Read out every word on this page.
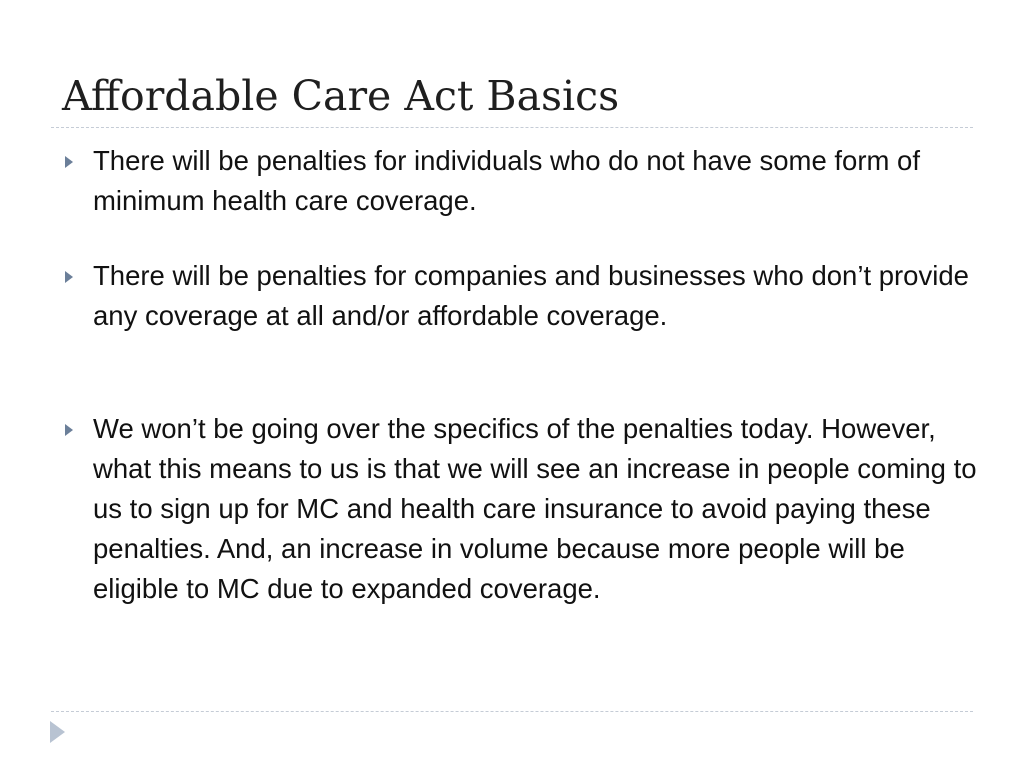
Affordable Care Act Basics

There will be penalties for individuals who do not have some form of minimum health care coverage.

There will be penalties for companies and businesses who don’t provide any coverage at all and/or affordable coverage.

We won’t be going over the specifics of the penalties today. However, what this means to us is that we will see an increase in people coming to us to sign up for MC and health care insurance to avoid paying these penalties. And, an increase in volume because more people will be eligible to MC due to expanded coverage.
